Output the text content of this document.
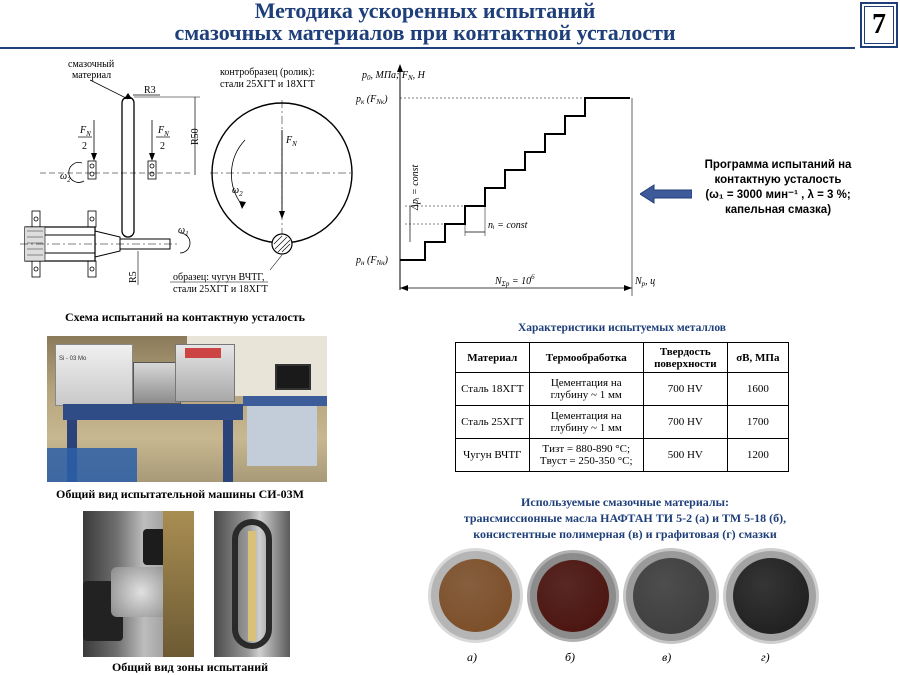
Методика ускоренных испытаний
смазочных материалов при контактной усталости	7
смазочный
материал
R3
R50
$F_N$
2
$F_N$
2
$\omega_2$
$\omega_1$
R5
контробразец (ролик):
стали 25ХГТ и 18ХГТ
$F_N$
$\omega_2$
образец: чугун ВЧТГ,
стали 25ХГТ и 18ХГТ
$p_0$, МПа; $F_N$, Н
$p_к$ $(F_{Nк})$
$p_н$ $(F_{Nн})$
Δpᵢ = const
nᵢ = const
$N_{\Sigma р} = 10^6$	$N_р$, ц
Программа испытаний на
контактную усталость
(ω₁ = 3000 мин⁻¹ , λ = 3 %;
капельная смазка)
Схема испытаний на контактную усталость
Характеристики испытуемых металлов
Si - 03 Mo
Общий вид испытательной машины СИ-03М
Общий вид зоны испытаний
Материал	Термообработка	Твердость поверхности	σВ, МПа
Сталь 18ХГТ	Цементация на глубину ~ 1 мм	700 HV	1600
Сталь 25ХГТ	Цементация на глубину ~ 1 мм	700 HV	1700
Чугун ВЧТГ	Tизт = 880-890 °С; Tвуст = 250-350 °С;	500 HV	1200
Используемые смазочные материалы:
трансмиссионные масла НАФТАН ТИ 5-2 (а) и ТМ 5-18 (б),
консистентные полимерная (в) и графитовая (г) смазки
а)	б)	в)	г)
